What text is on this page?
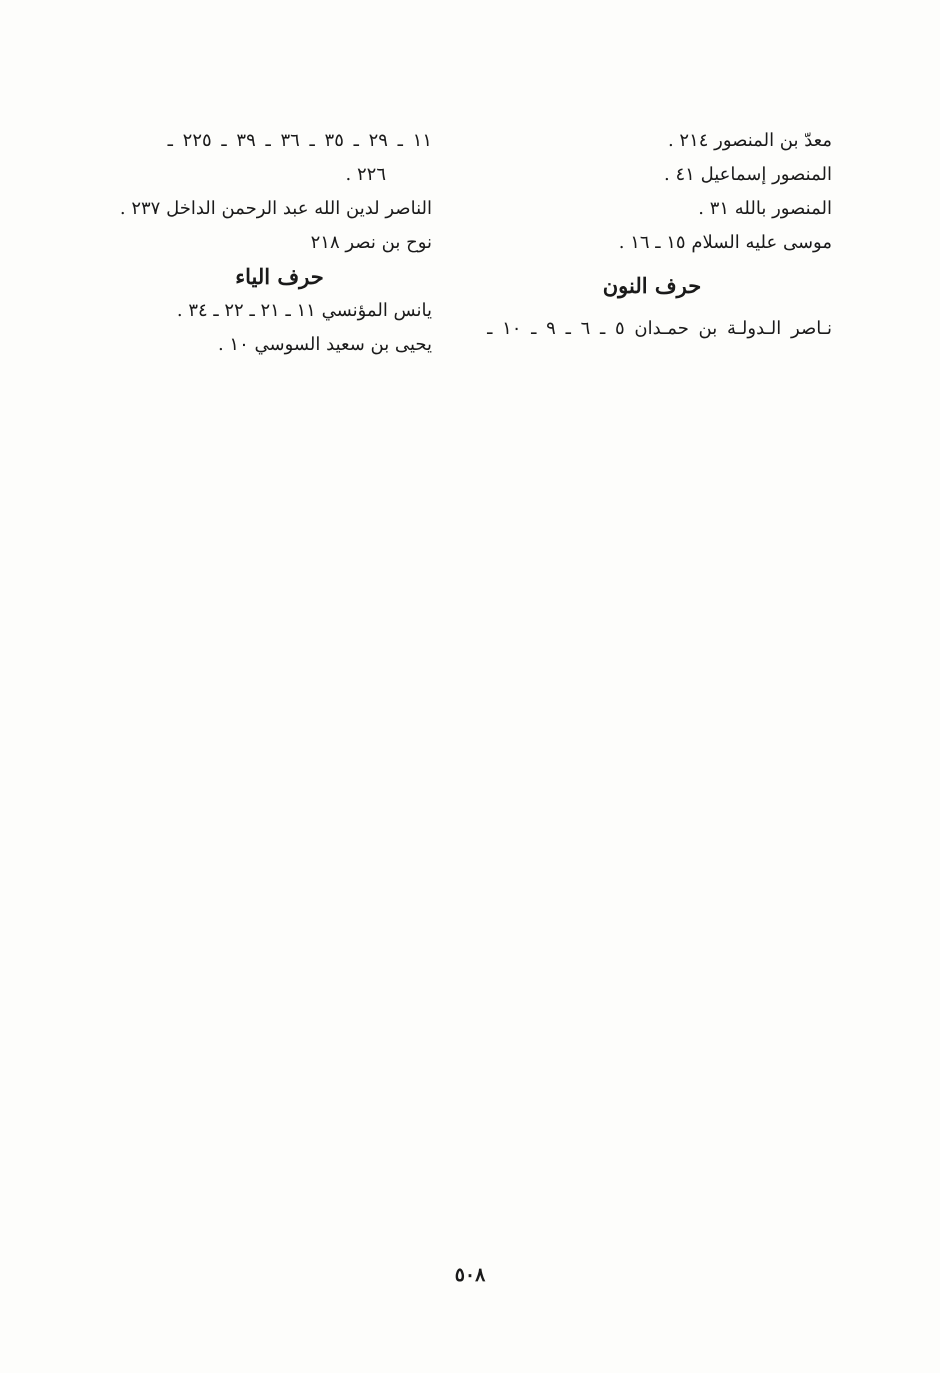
معدّ بن المنصور ٢١٤ .
المنصور إسماعيل ٤١ .
المنصور بالله ٣١ .
موسى عليه السلام ١٥ ـ ١٦ .
حرف النون
نـاصر الـدولـة بن حمـدان ٥ ـ ٦ ـ ٩ ـ ١٠ ـ
١١ ـ ٢٩ ـ ٣٥ ـ ٣٦ ـ ٣٩ ـ ٢٢٥ ـ
٢٢٦ .
الناصر لدين الله عبد الرحمن الداخل ٢٣٧ .
نوح بن نصر ٢١٨
حرف الياء
يانس المؤنسي ١١ ـ ٢١ ـ ٢٢ ـ ٣٤ .
يحيى بن سعيد السوسي ١٠ .
٥٠٨
